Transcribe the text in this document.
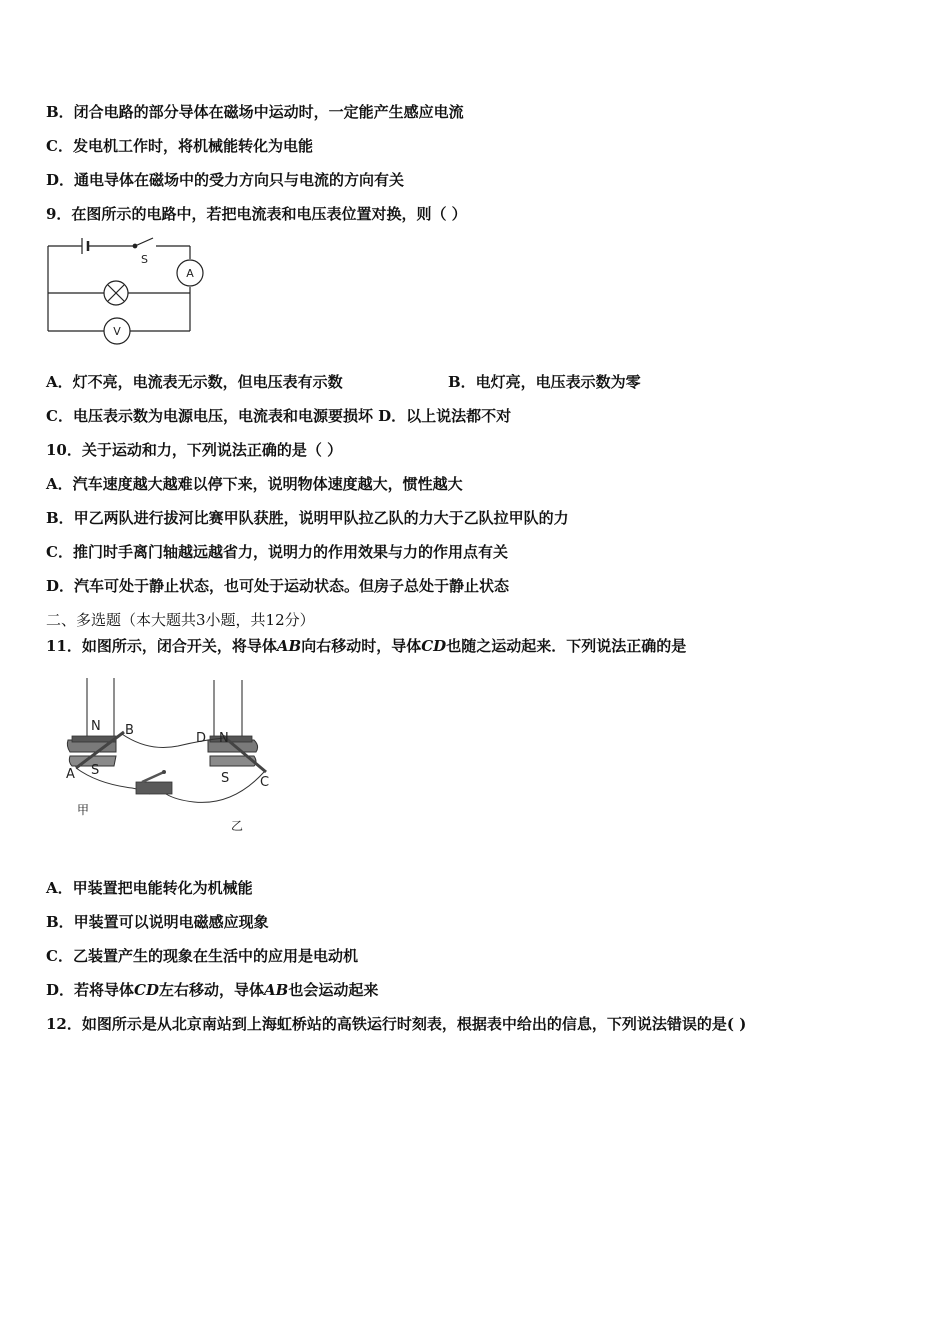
B．闭合电路的部分导体在磁场中运动时，一定能产生感应电流
C．发电机工作时，将机械能转化为电能
D．通电导体在磁场中的受力方向只与电流的方向有关
9．在图所示的电路中，若把电流表和电压表位置对换，则（ ）
S
A
V
A．灯不亮，电流表无示数，但电压表有示数	B．电灯亮，电压表示数为零
C．电压表示数为电源电压，电流表和电源要损坏 D．以上说法都不对
10．关于运动和力，下列说法正确的是（ ）
A．汽车速度越大越难以停下来，说明物体速度越大，惯性越大
B．甲乙两队进行拔河比赛甲队获胜，说明甲队拉乙队的力大于乙队拉甲队的力
C．推门时手离门轴越远越省力，说明力的作用效果与力的作用点有关
D．汽车可处于静止状态，也可处于运动状态。但房子总处于静止状态
二、多选题（本大题共3小题，共12分）
11．如图所示，闭合开关，将导体AB向右移动时，导体CD也随之运动起来．下列说法正确的是
N B
S
A
D N
S C
甲
乙
A．甲装置把电能转化为机械能
B．甲装置可以说明电磁感应现象
C．乙装置产生的现象在生活中的应用是电动机
D．若将导体CD左右移动，导体AB也会运动起来
12．如图所示是从北京南站到上海虹桥站的高铁运行时刻表，根据表中给出的信息，下列说法错误的是( )
